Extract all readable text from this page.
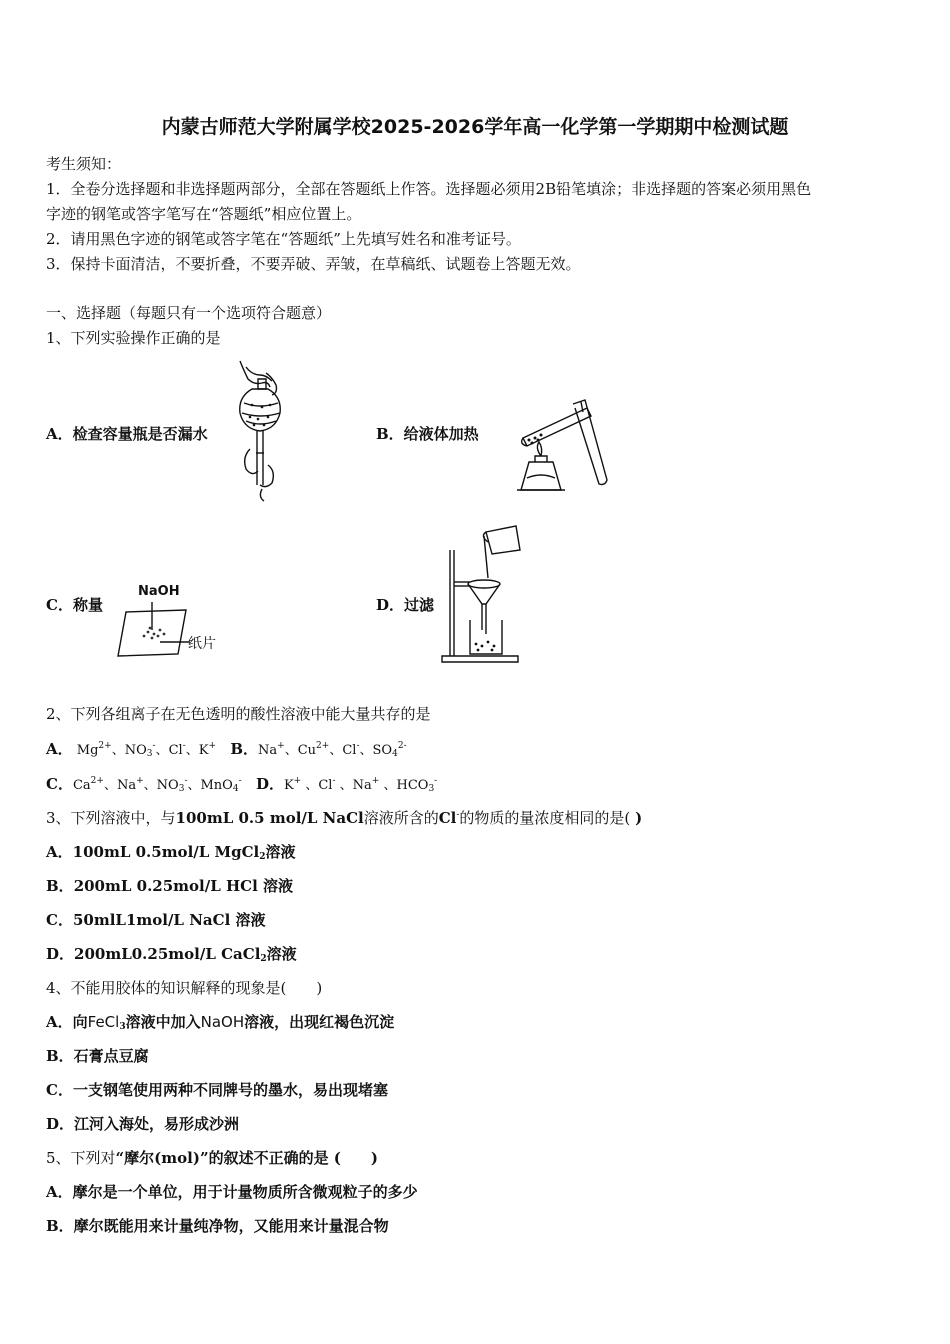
内蒙古师范大学附属学校2025-2026学年高一化学第一学期期中检测试题
考生须知：
1．全卷分选择题和非选择题两部分，全部在答题纸上作答。选择题必须用2B铅笔填涂；非选择题的答案必须用黑色
字迹的钢笔或答字笔写在“答题纸”相应位置上。
2．请用黑色字迹的钢笔或答字笔在“答题纸”上先填写姓名和准考证号。
3．保持卡面清洁，不要折叠，不要弄破、弄皱，在草稿纸、试题卷上答题无效。
一、选择题（每题只有一个选项符合题意）
1、下列实验操作正确的是
A．检查容量瓶是否漏水	B．给液体加热
C．称量	D．过滤
NaOH
纸片
2、下列各组离子在无色透明的酸性溶液中能大量共存的是
A． $Mg^{2+}$、$NO_3^-$、Cl-、K+ B．Na+、$Cu^{2+}$、Cl-、$SO_4^{2-}$
C．$Ca^{2+}$、Na+、$NO_3^-$、MnO$_4$- D．K+ 、Cl- 、Na+ 、$HCO_3^-$
3、下列溶液中，与100mL 0.5 mol/L NaCl溶液所含的Cl-的物质的量浓度相同的是( )
A．100mL 0.5mol/L MgCl$_2$溶液
B．200mL 0.25mol/L HCl 溶液
C．50mlL1mol/L NaCl 溶液
D．200mL0.25mol/L CaCl$_2$溶液
4、不能用胶体的知识解释的现象是(　　)
A．向FeCl$_3$溶液中加入NaOH溶液，出现红褐色沉淀
B．石膏点豆腐
C．一支钢笔使用两种不同牌号的墨水，易出现堵塞
D．江河入海处，易形成沙洲
5、下列对“摩尔(mol)”的叙述不正确的是 (　　)
A．摩尔是一个单位，用于计量物质所含微观粒子的多少
B．摩尔既能用来计量纯净物，又能用来计量混合物
